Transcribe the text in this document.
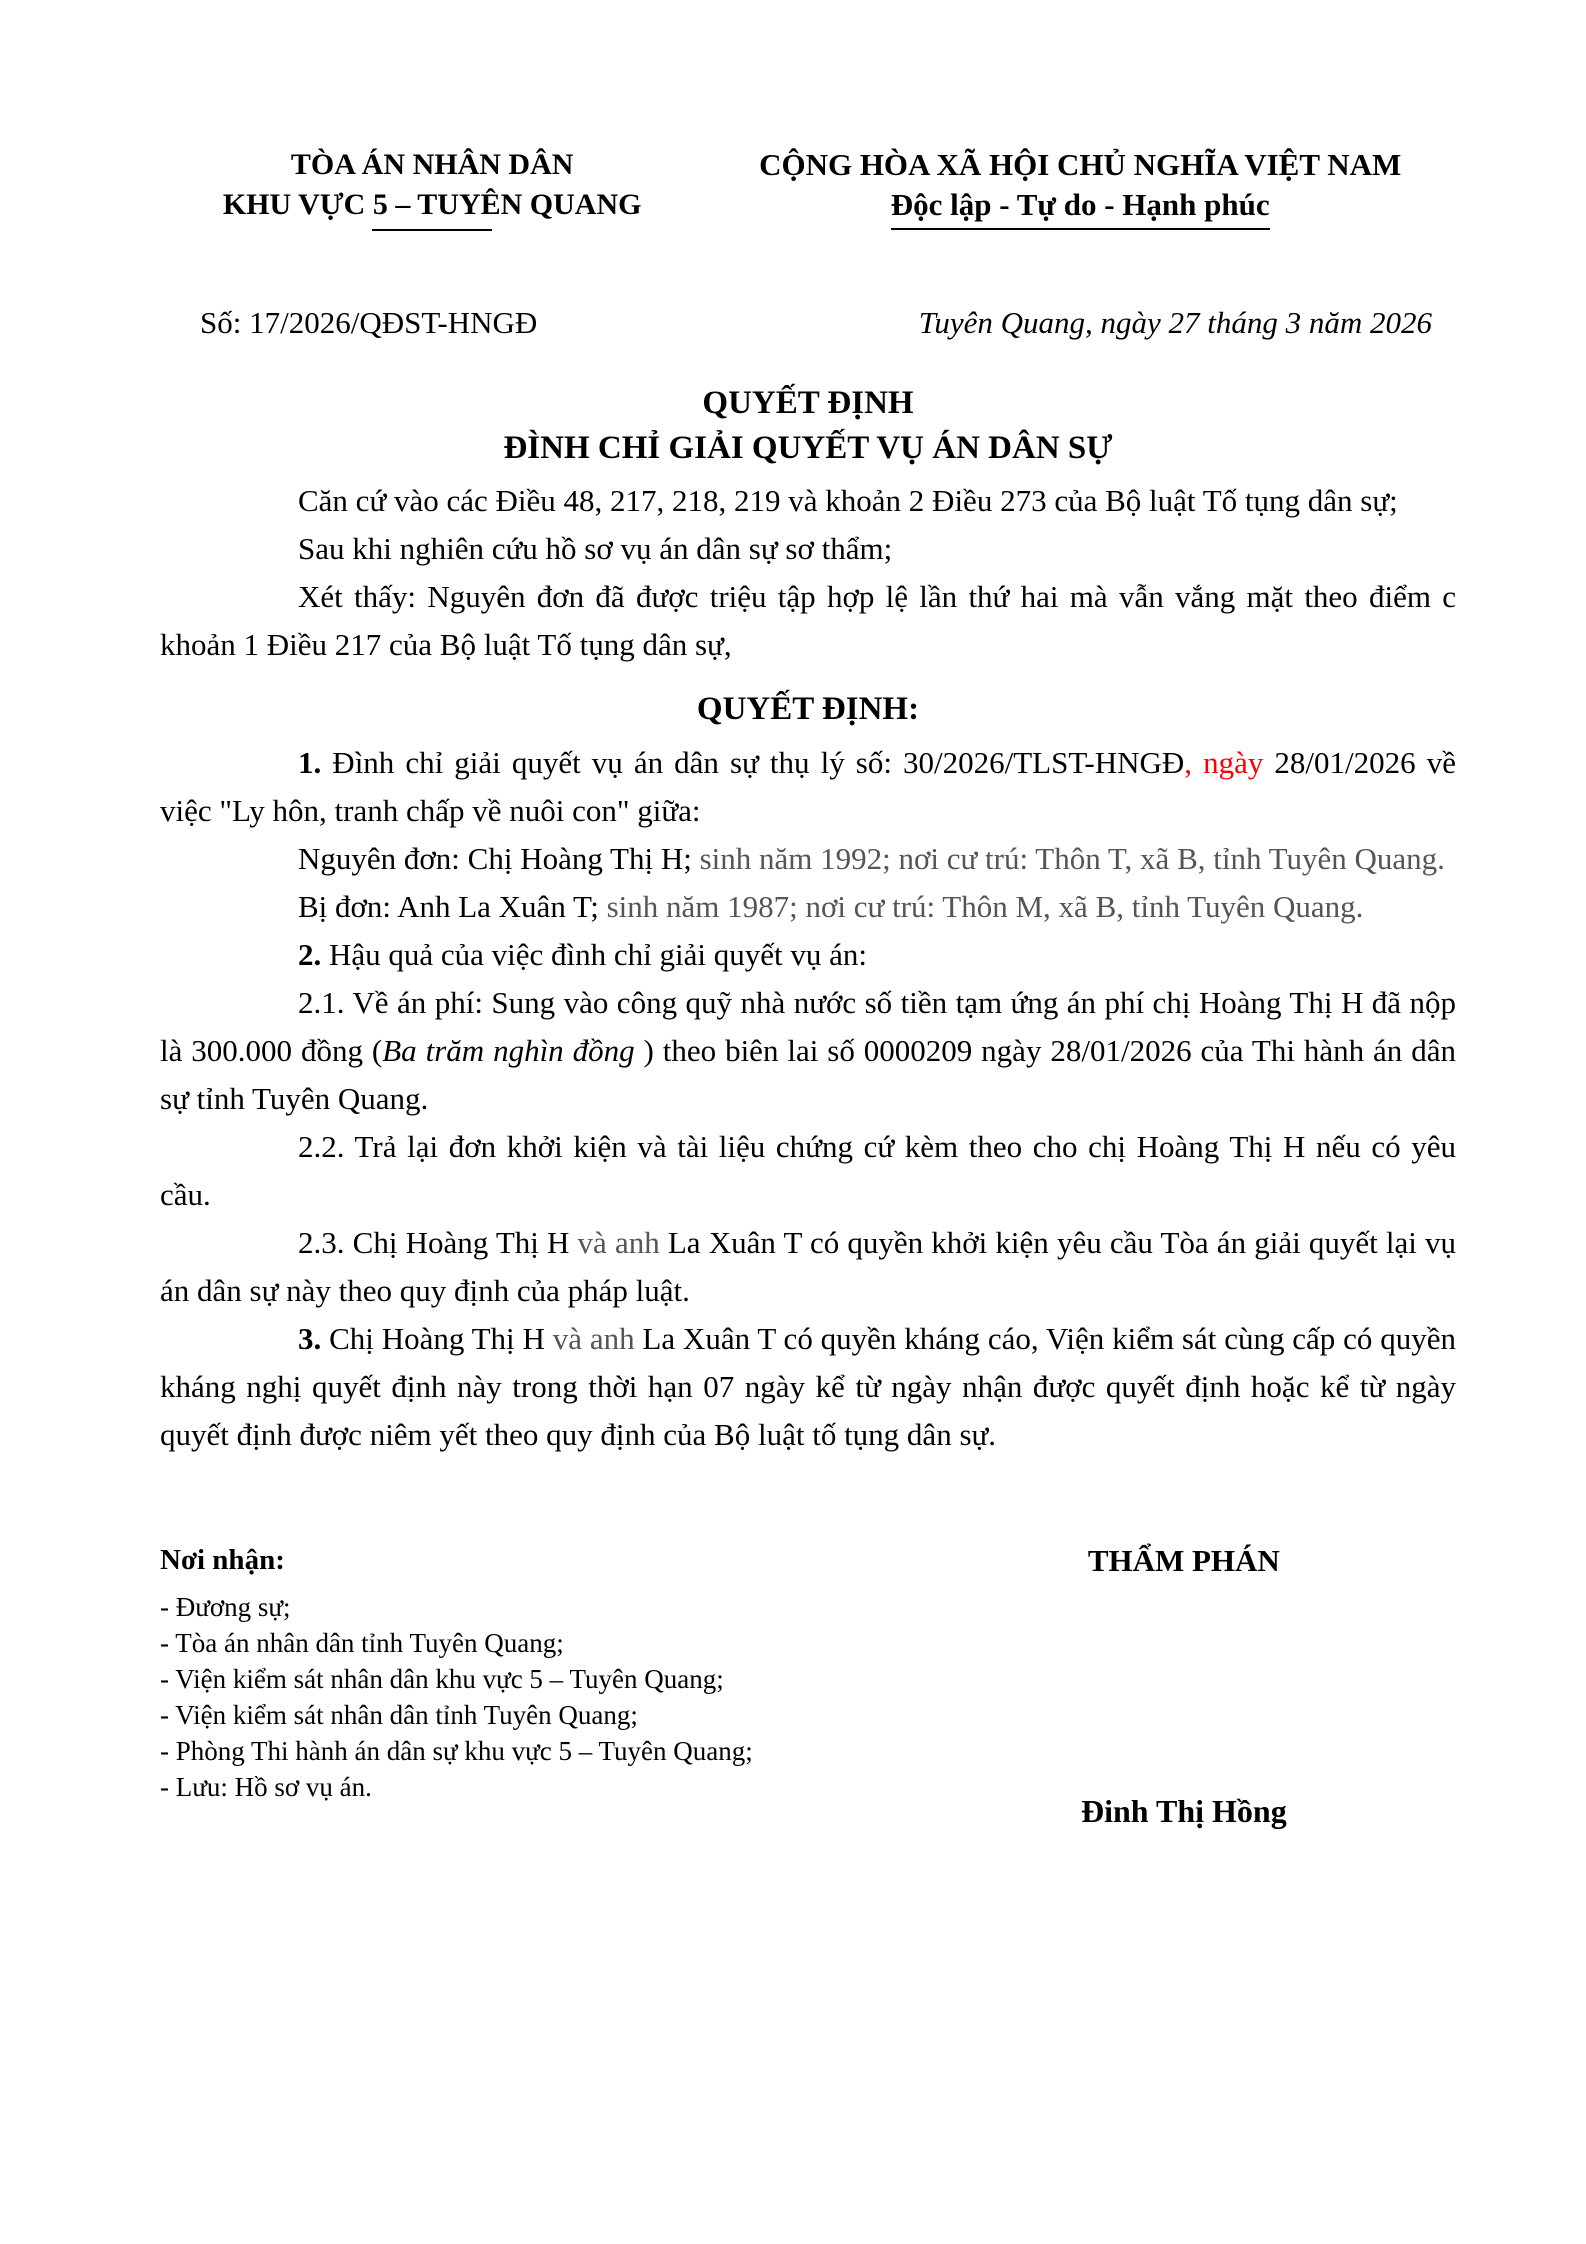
TÒA ÁN NHÂN DÂN
KHU VỰC 5 – TUYÊN QUANG
CỘNG HÒA XÃ HỘI CHỦ NGHĨA VIỆT NAM
Độc lập - Tự do - Hạnh phúc
Số: 17/2026/QĐST-HNGĐ	Tuyên Quang, ngày 27 tháng 3 năm 2026
QUYẾT ĐỊNH
ĐÌNH CHỈ GIẢI QUYẾT VỤ ÁN DÂN SỰ

Căn cứ vào các Điều 48, 217, 218, 219 và khoản 2 Điều 273 của Bộ luật Tố tụng dân sự;

Sau khi nghiên cứu hồ sơ vụ án dân sự sơ thẩm;

Xét thấy: Nguyên đơn đã được triệu tập hợp lệ lần thứ hai mà vẫn vắng mặt theo điểm c khoản 1 Điều 217 của Bộ luật Tố tụng dân sự,

QUYẾT ĐỊNH:

1. Đình chỉ giải quyết vụ án dân sự thụ lý số: 30/2026/TLST-HNGĐ, ngày 28/01/2026 về việc "Ly hôn, tranh chấp về nuôi con" giữa:

Nguyên đơn: Chị Hoàng Thị H; sinh năm 1992; nơi cư trú: Thôn T, xã B, tỉnh Tuyên Quang.

Bị đơn: Anh La Xuân T; sinh năm 1987; nơi cư trú: Thôn M, xã B, tỉnh Tuyên Quang.

2. Hậu quả của việc đình chỉ giải quyết vụ án:

2.1. Về án phí: Sung vào công quỹ nhà nước số tiền tạm ứng án phí chị Hoàng Thị H đã nộp là 300.000 đồng (Ba trăm nghìn đồng ) theo biên lai số 0000209 ngày 28/01/2026 của Thi hành án dân sự tỉnh Tuyên Quang.

2.2. Trả lại đơn khởi kiện và tài liệu chứng cứ kèm theo cho chị Hoàng Thị H nếu có yêu cầu.

2.3. Chị Hoàng Thị H và anh La Xuân T có quyền khởi kiện yêu cầu Tòa án giải quyết lại vụ án dân sự này theo quy định của pháp luật.

3. Chị Hoàng Thị H và anh La Xuân T có quyền kháng cáo, Viện kiểm sát cùng cấp có quyền kháng nghị quyết định này trong thời hạn 07 ngày kể từ ngày nhận được quyết định hoặc kể từ ngày quyết định được niêm yết theo quy định của Bộ luật tố tụng dân sự.

Nơi nhận:
- Đương sự;
- Tòa án nhân dân tỉnh Tuyên Quang;
- Viện kiểm sát nhân dân khu vực 5 – Tuyên Quang;
- Viện kiểm sát nhân dân tỉnh Tuyên Quang;
- Phòng Thi hành án dân sự khu vực 5 – Tuyên Quang;
- Lưu: Hồ sơ vụ án.
THẨM PHÁN
Đinh Thị Hồng
